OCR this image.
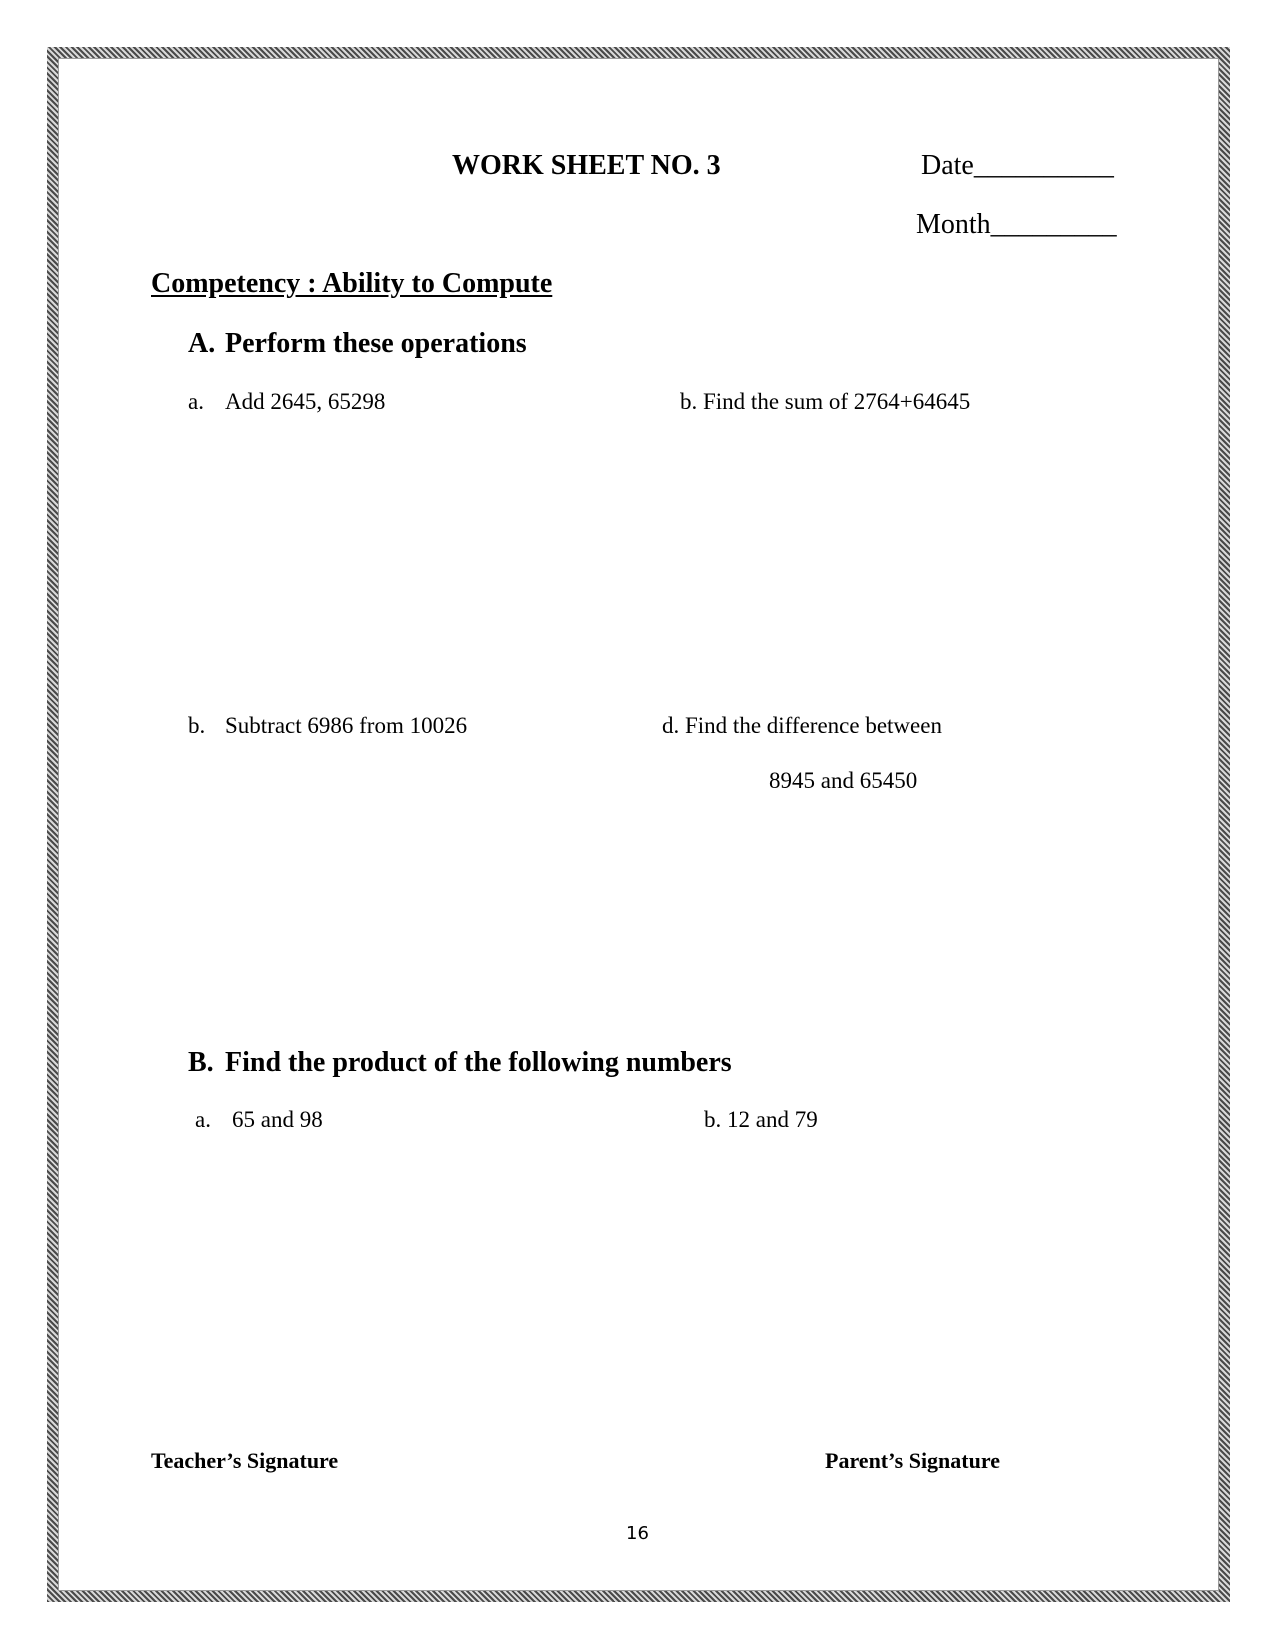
WORK SHEET NO. 3	Date__________
Month_________
Competency : Ability to Compute
A. Perform these operations
a. Add 2645, 65298	b. Find the sum of 2764+64645
b. Subtract 6986 from 10026	d. Find the difference between
8945 and 65450
B. Find the product of the following numbers
a. 65 and 98	b. 12 and 79
Teacher’s Signature	Parent’s Signature
16
